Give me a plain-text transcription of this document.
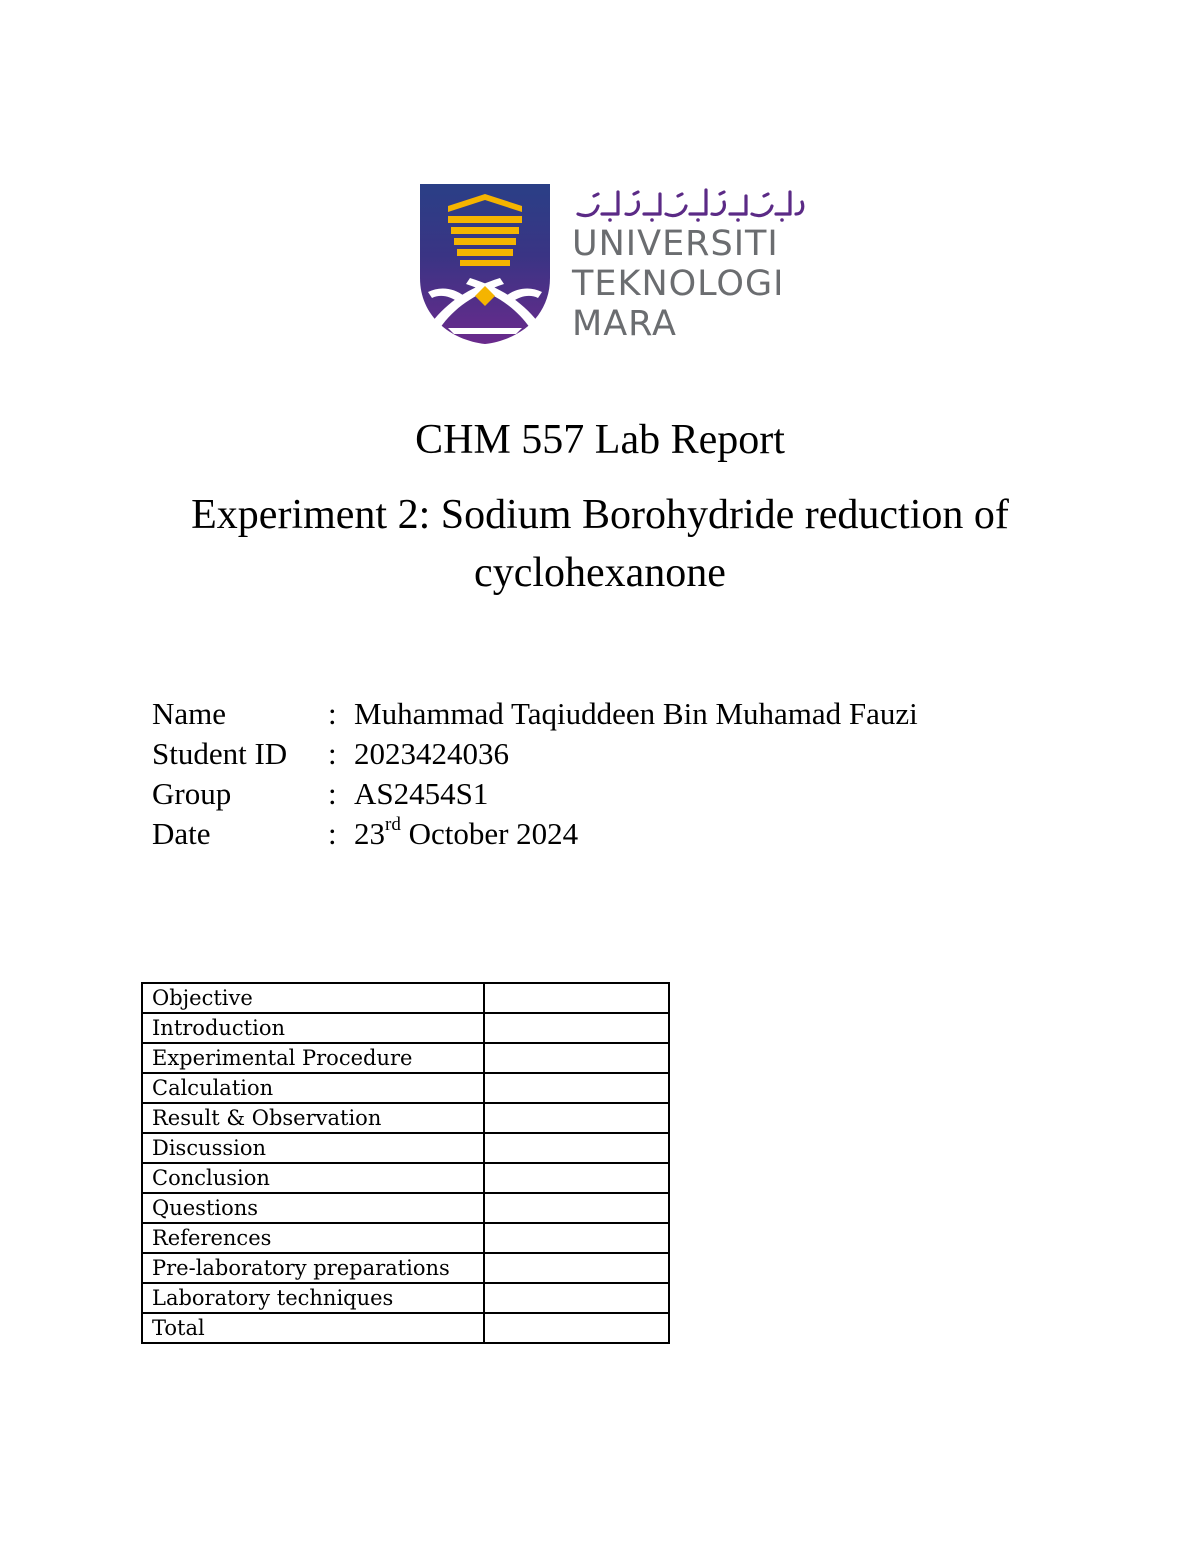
UNIVERSITI
TEKNOLOGI
MARA
CHM 557 Lab Report
Experiment 2: Sodium Borohydride reduction of
cyclohexanone
Name	: Muhammad Taqiuddeen Bin Muhamad Fauzi
Student ID : 2023424036
Group	: AS2454S1
Date	: 23rd October 2024
Objective	
Introduction	
Experimental Procedure	
Calculation	
Result & Observation	
Discussion	
Conclusion	
Questions	
References	
Pre-laboratory preparations	
Laboratory techniques	
Total	
